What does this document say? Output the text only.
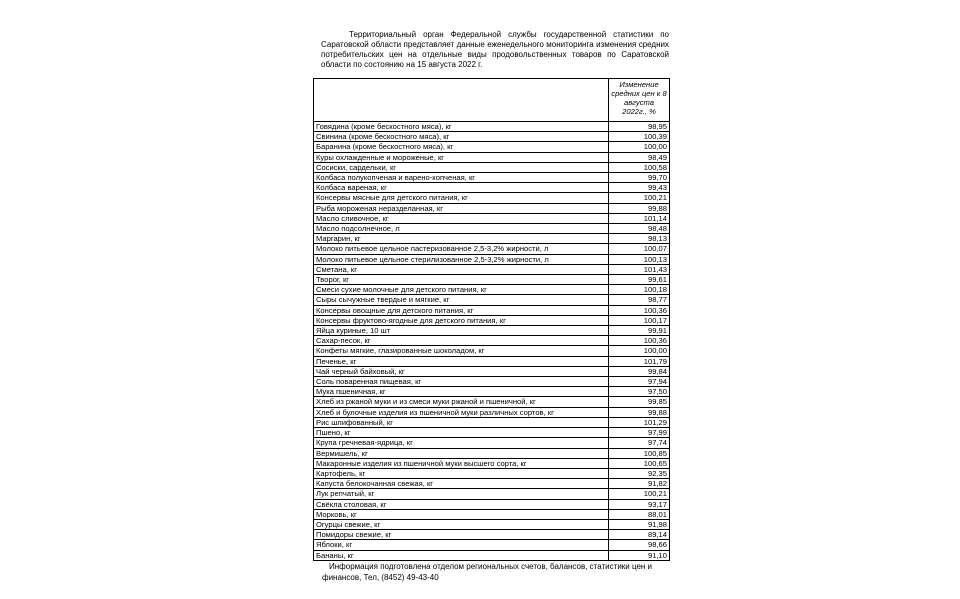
Территориальный орган Федеральной службы государственной статистики по Саратовской области представляет данные еженедельного мониторинга изменения средних потребительских цен на отдельные виды продовольственных товаров по Саратовской области по состоянию на 15 августа 2022 г.

	Изменение средних цен к 8 августа 2022г., %
Говядина (кроме бескостного мяса), кг	98,95
Свинина (кроме бескостного мяса), кг	100,39
Баранина (кроме бескостного мяса), кг	100,00
Куры охлажденные и мороженые, кг	98,49
Сосиски, сардельки, кг	100,58
Колбаса полукопченая и варено-копченая, кг	99,70
Колбаса вареная, кг	99,43
Консервы мясные для детского питания, кг	100,21
Рыба мороженая неразделанная, кг	99,88
Масло сливочное, кг	101,14
Масло подсолнечное, л	98,48
Маргарин, кг	98,13
Молоко питьевое цельное пастеризованное 2,5-3,2% жирности, л	100,07
Молоко питьевое цельное стерилизованное 2,5-3,2% жирности, л	100,13
Сметана, кг	101,43
Творог, кг	99,61
Смеси сухие молочные для детского питания, кг	100,18
Сыры сычужные твердые и мягкие, кг	98,77
Консервы овощные для детского питания, кг	100,36
Консервы фруктово-ягодные для детского питания, кг	100,17
Яйца куриные, 10 шт	99,91
Сахар-песок, кг	100,36
Конфеты мягкие, глазированные шоколадом, кг	100,00
Печенье, кг	101,79
Чай черный байховый, кг	99,84
Соль поваренная пищевая, кг	97,94
Мука пшеничная, кг	97,50
Хлеб из ржаной муки и из смеси муки ржаной и пшеничной, кг	99,85
Хлеб и булочные изделия из пшеничной муки различных сортов, кг	99,88
Рис шлифованный, кг	101,29
Пшено, кг	97,99
Крупа гречневая-ядрица, кг	97,74
Вермишель, кг	100,85
Макаронные изделия из пшеничной муки высшего сорта, кг	100,65
Картофель, кг	92,35
Капуста белокочанная свежая, кг	91,82
Лук репчатый, кг	100,21
Свёкла столовая, кг	93,17
Морковь, кг	88,01
Огурцы свежие, кг	91,98
Помидоры свежие, кг	89,14
Яблоки, кг	98,66
Бананы, кг	91,10

Информация подготовлена отделом региональных счетов, балансов, статистики цен и финансов, Тел, (8452) 49-43-40
